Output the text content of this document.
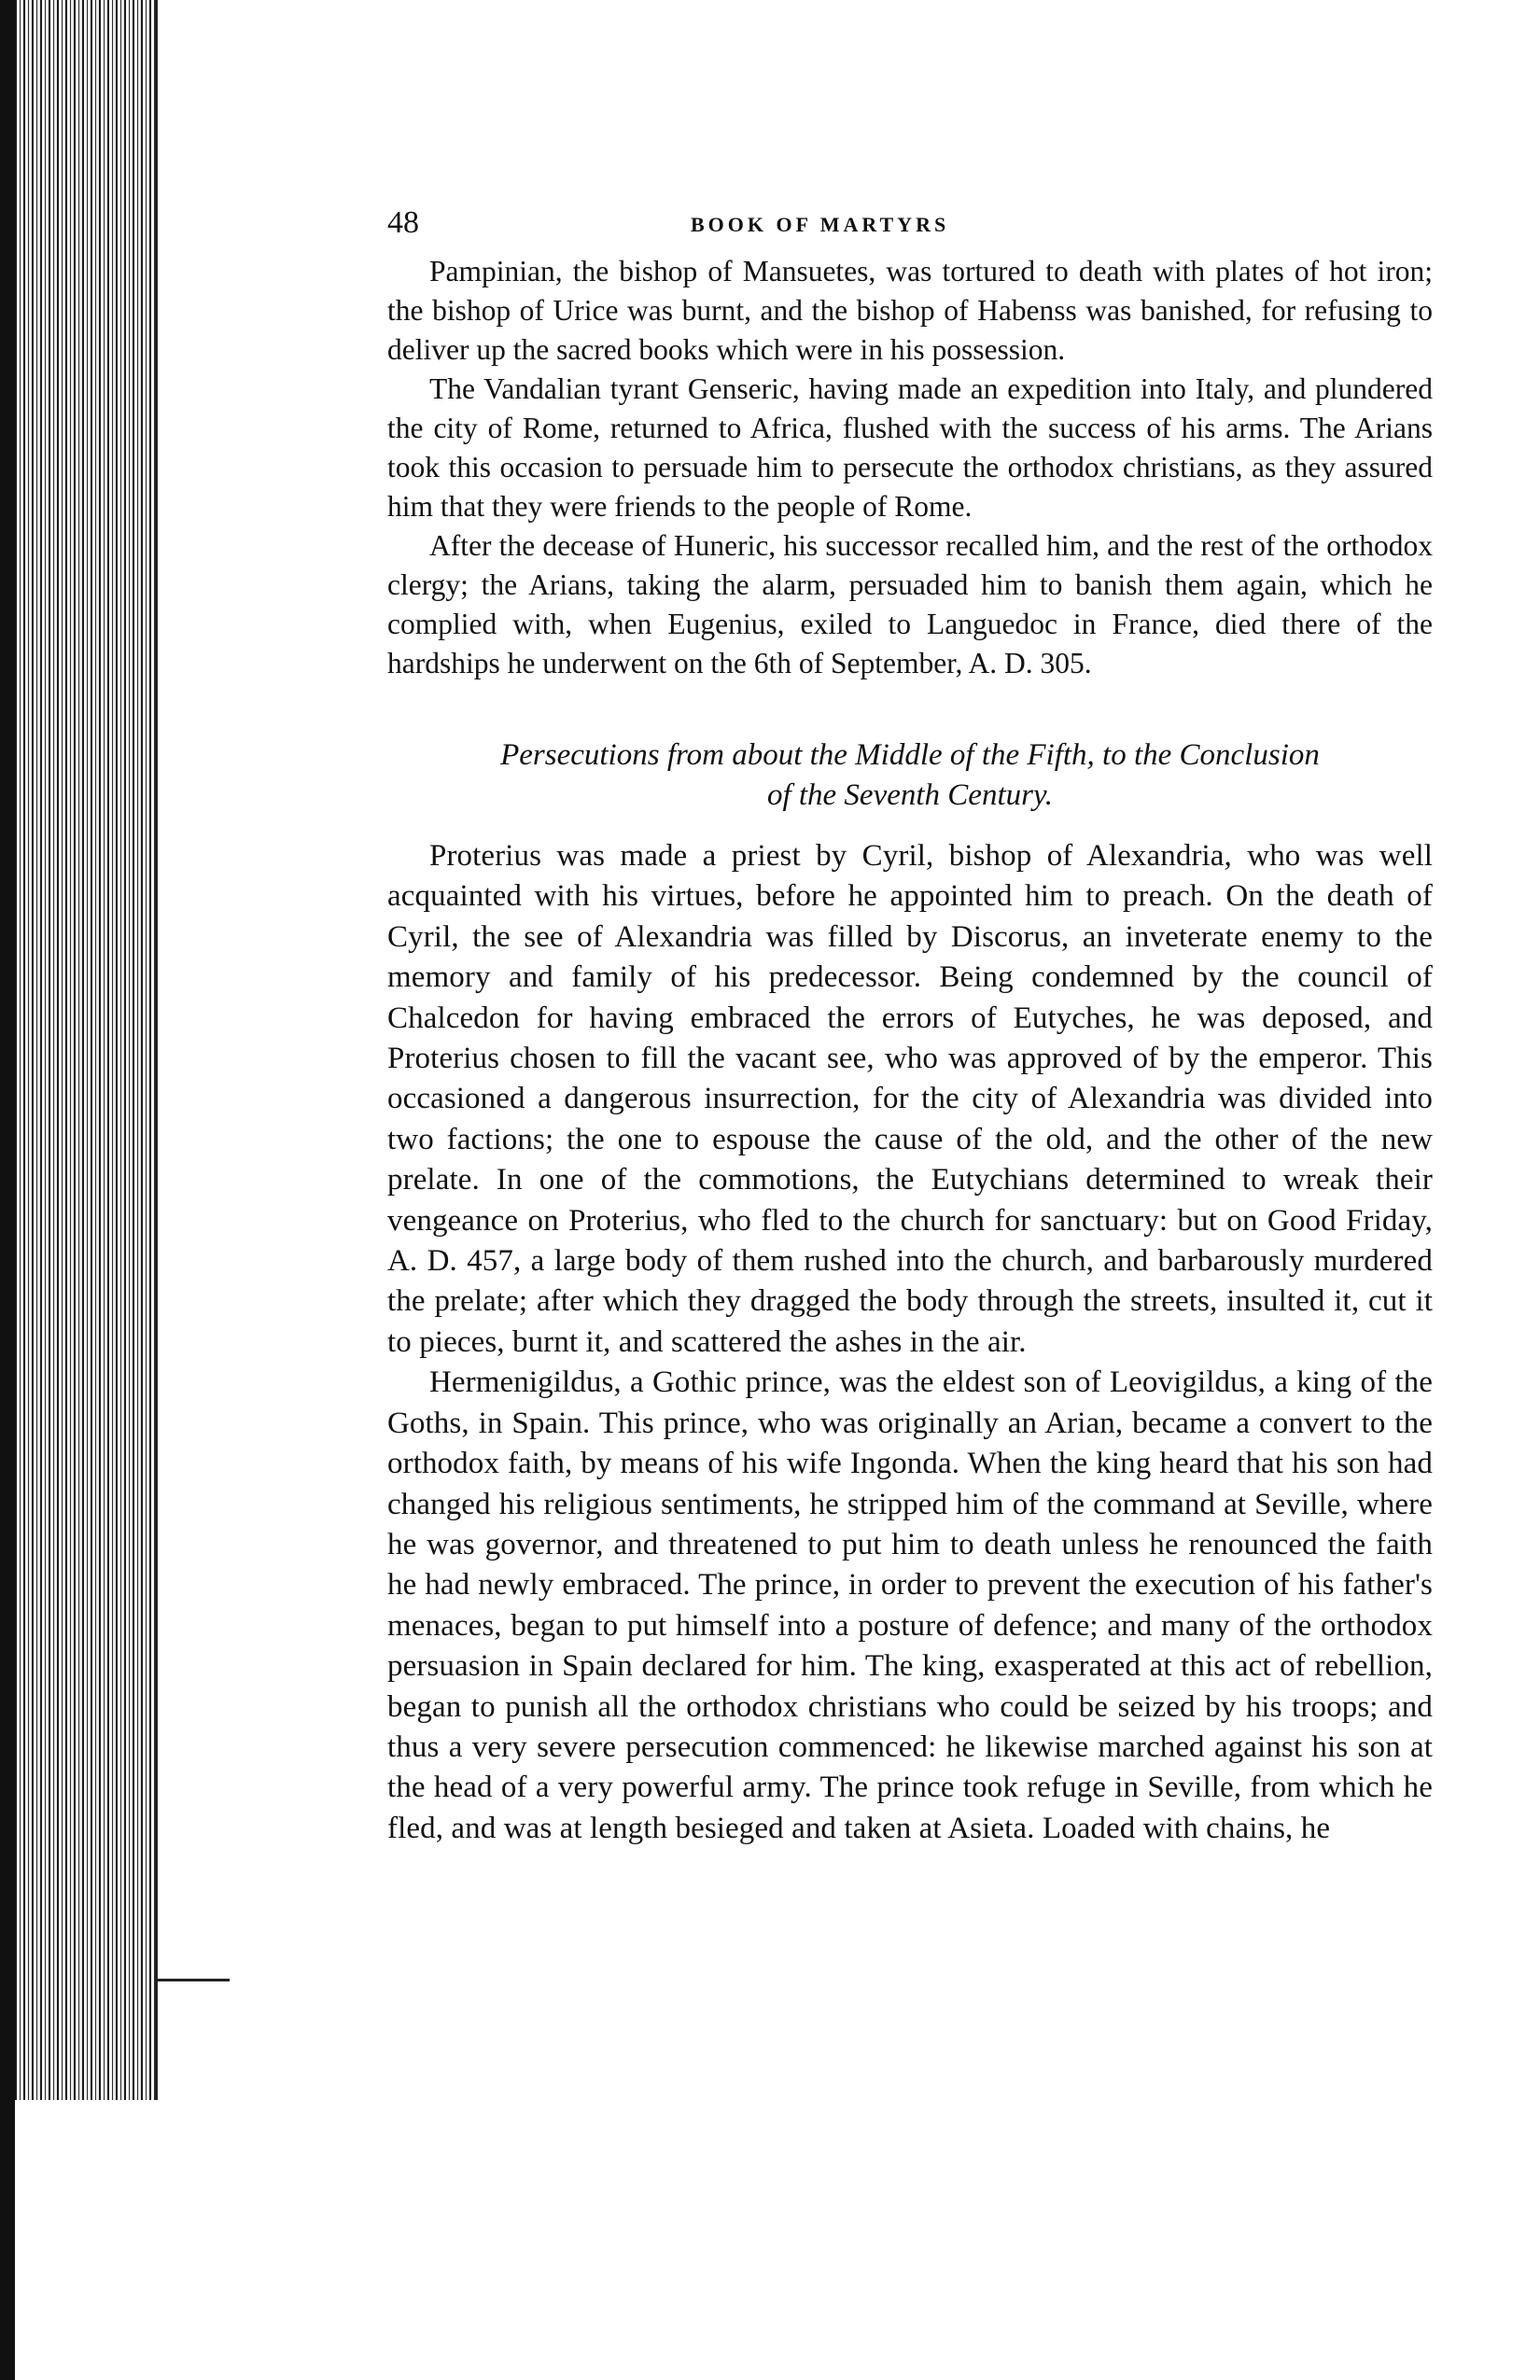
48	BOOK OF MARTYRS

Pampinian, the bishop of Mansuetes, was tortured to death with plates of hot iron; the bishop of Urice was burnt, and the bishop of Habenss was banished, for refusing to deliver up the sacred books which were in his possession.

The Vandalian tyrant Genseric, having made an expedition into Italy, and plundered the city of Rome, returned to Africa, flushed with the success of his arms. The Arians took this occasion to persuade him to persecute the orthodox christians, as they assured him that they were friends to the people of Rome.

After the decease of Huneric, his successor recalled him, and the rest of the orthodox clergy; the Arians, taking the alarm, persuaded him to banish them again, which he complied with, when Eugenius, exiled to Languedoc in France, died there of the hardships he underwent on the 6th of September, A. D. 305.

Persecutions from about the Middle of the Fifth, to the Conclusion
of the Seventh Century.

Proterius was made a priest by Cyril, bishop of Alexandria, who was well acquainted with his virtues, before he appointed him to preach. On the death of Cyril, the see of Alexandria was filled by Discorus, an inveterate enemy to the memory and family of his predecessor. Being condemned by the council of Chalcedon for having embraced the errors of Eutyches, he was deposed, and Proterius chosen to fill the vacant see, who was approved of by the emperor. This occasioned a dangerous insurrection, for the city of Alexandria was divided into two factions; the one to espouse the cause of the old, and the other of the new prelate. In one of the commotions, the Eutychians determined to wreak their vengeance on Proterius, who fled to the church for sanctuary: but on Good Friday, A. D. 457, a large body of them rushed into the church, and barbarously murdered the prelate; after which they dragged the body through the streets, insulted it, cut it to pieces, burnt it, and scattered the ashes in the air.

Hermenigildus, a Gothic prince, was the eldest son of Leovigildus, a king of the Goths, in Spain. This prince, who was originally an Arian, became a convert to the orthodox faith, by means of his wife Ingonda. When the king heard that his son had changed his religious sentiments, he stripped him of the command at Seville, where he was governor, and threatened to put him to death unless he renounced the faith he had newly embraced. The prince, in order to prevent the execution of his father's menaces, began to put himself into a posture of defence; and many of the orthodox persuasion in Spain declared for him. The king, exasperated at this act of rebellion, began to punish all the orthodox christians who could be seized by his troops; and thus a very severe persecution commenced: he likewise marched against his son at the head of a very powerful army. The prince took refuge in Seville, from which he fled, and was at length besieged and taken at Asieta. Loaded with chains, he
